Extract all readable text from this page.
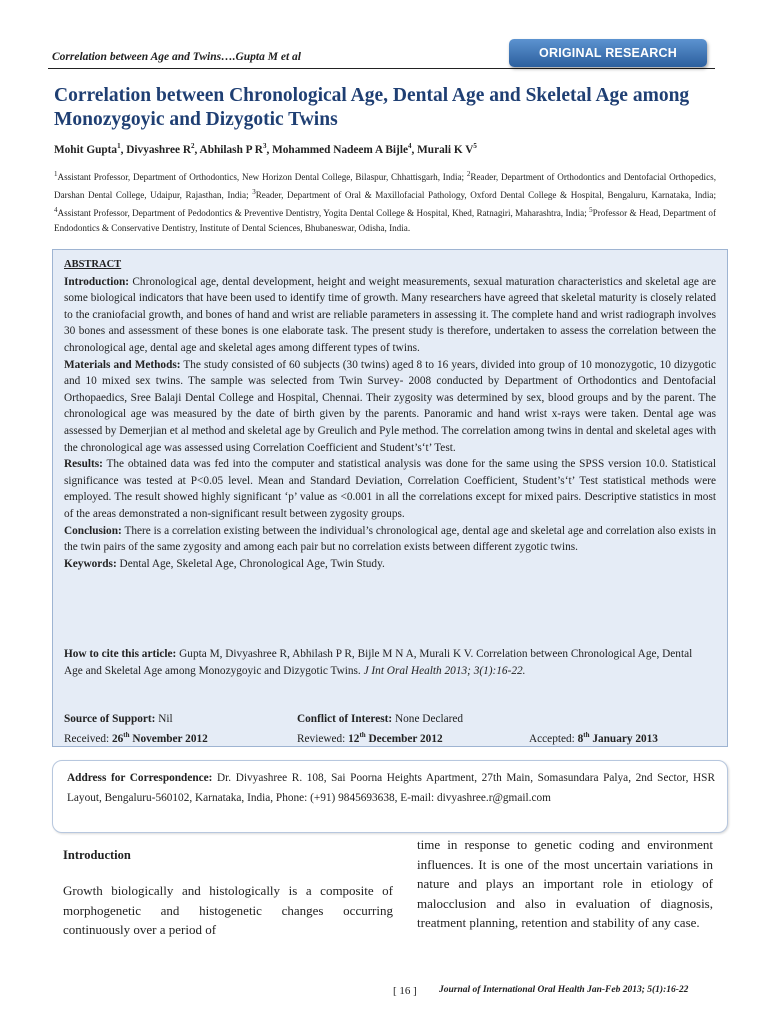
Correlation between Age and Twins….Gupta M et al	ORIGINAL RESEARCH
Correlation between Chronological Age, Dental Age and Skeletal Age among Monozygoyic and Dizygotic Twins
Mohit Gupta$^1$, Divyashree $R^2$, Abhilash P $R^3$, Mohammed Nadeem A Bijle$^4$, Murali K $V^5$
$^1$Assistant Professor, Department of Orthodontics, New Horizon Dental College, Bilaspur, Chhattisgarh, India; $^2$Reader, Department of Orthodontics and Dentofacial Orthopedics, Darshan Dental College, Udaipur, Rajasthan, India; $^3$Reader, Department of Oral & Maxillofacial Pathology, Oxford Dental College & Hospital, Bengaluru, Karnataka, India; $^4$Assistant Professor, Department of Pedodontics & Preventive Dentistry, Yogita Dental College & Hospital, Khed, Ratnagiri, Maharashtra, India; $^5$Professor & Head, Department of Endodontics & Conservative Dentistry, Institute of Dental Sciences, Bhubaneswar, Odisha, India.

ABSTRACT

Introduction: Chronological age, dental development, height and weight measurements, sexual maturation characteristics and skeletal age are some biological indicators that have been used to identify time of growth. Many researchers have agreed that skeletal maturity is closely related to the craniofacial growth, and bones of hand and wrist are reliable parameters in assessing it. The complete hand and wrist radiograph involves 30 bones and assessment of these bones is one elaborate task. The present study is therefore, undertaken to assess the correlation between the chronological age, dental age and skeletal ages among different types of twins.

Materials and Methods: The study consisted of 60 subjects (30 twins) aged 8 to 16 years, divided into group of 10 monozygotic, 10 dizygotic and 10 mixed sex twins. The sample was selected from Twin Survey- 2008 conducted by Department of Orthodontics and Dentofacial Orthopaedics, Sree Balaji Dental College and Hospital, Chennai. Their zygosity was determined by sex, blood groups and by the parent. The chronological age was measured by the date of birth given by the parents. Panoramic and hand wrist x-rays were taken. Dental age was assessed by Demerjian et al method and skeletal age by Greulich and Pyle method. The correlation among twins in dental and skeletal ages with the chronological age was assessed using Correlation Coefficient and Student’s‘t’ Test.

Results: The obtained data was fed into the computer and statistical analysis was done for the same using the SPSS version 10.0. Statistical significance was tested at P<0.05 level. Mean and Standard Deviation, Correlation Coefficient, Student’s‘t’ Test statistical methods were employed. The result showed highly significant ‘p’ value as <0.001 in all the correlations except for mixed pairs. Descriptive statistics in most of the areas demonstrated a non-significant result between zygosity groups.

Conclusion: There is a correlation existing between the individual’s chronological age, dental age and skeletal age and correlation also exists in the twin pairs of the same zygosity and among each pair but no correlation exists between different zygotic twins.

Keywords: Dental Age, Skeletal Age, Chronological Age, Twin Study.

How to cite this article: Gupta M, Divyashree R, Abhilash P R, Bijle M N A, Murali K V. Correlation between Chronological Age, Dental Age and Skeletal Age among Monozygoyic and Dizygotic Twins. J Int Oral Health 2013; 3(1):16-22.
Source of Support: Nil	Conflict of Interest: None Declared
Received: 26th November 2012	Reviewed: 12th December 2012	Accepted: 8th January 2013
Address for Correspondence: Dr. Divyashree R. 108, Sai Poorna Heights Apartment, 27th Main, Somasundara Palya, 2nd Sector, HSR Layout, Bengaluru-560102, Karnataka, India, Phone: (+91) 9845693638, E-mail: divyashree.r@gmail.com

Introduction

Growth biologically and histologically is a composite of morphogenetic and histogenetic changes occurring continuously over a period of
time in response to genetic coding and environment influences. It is one of the most uncertain variations in nature and plays an important role in etiology of malocclusion and also in evaluation of diagnosis, treatment planning, retention and stability of any case.
[ 16 ] Journal of International Oral Health Jan-Feb 2013; 5(1):16-22
